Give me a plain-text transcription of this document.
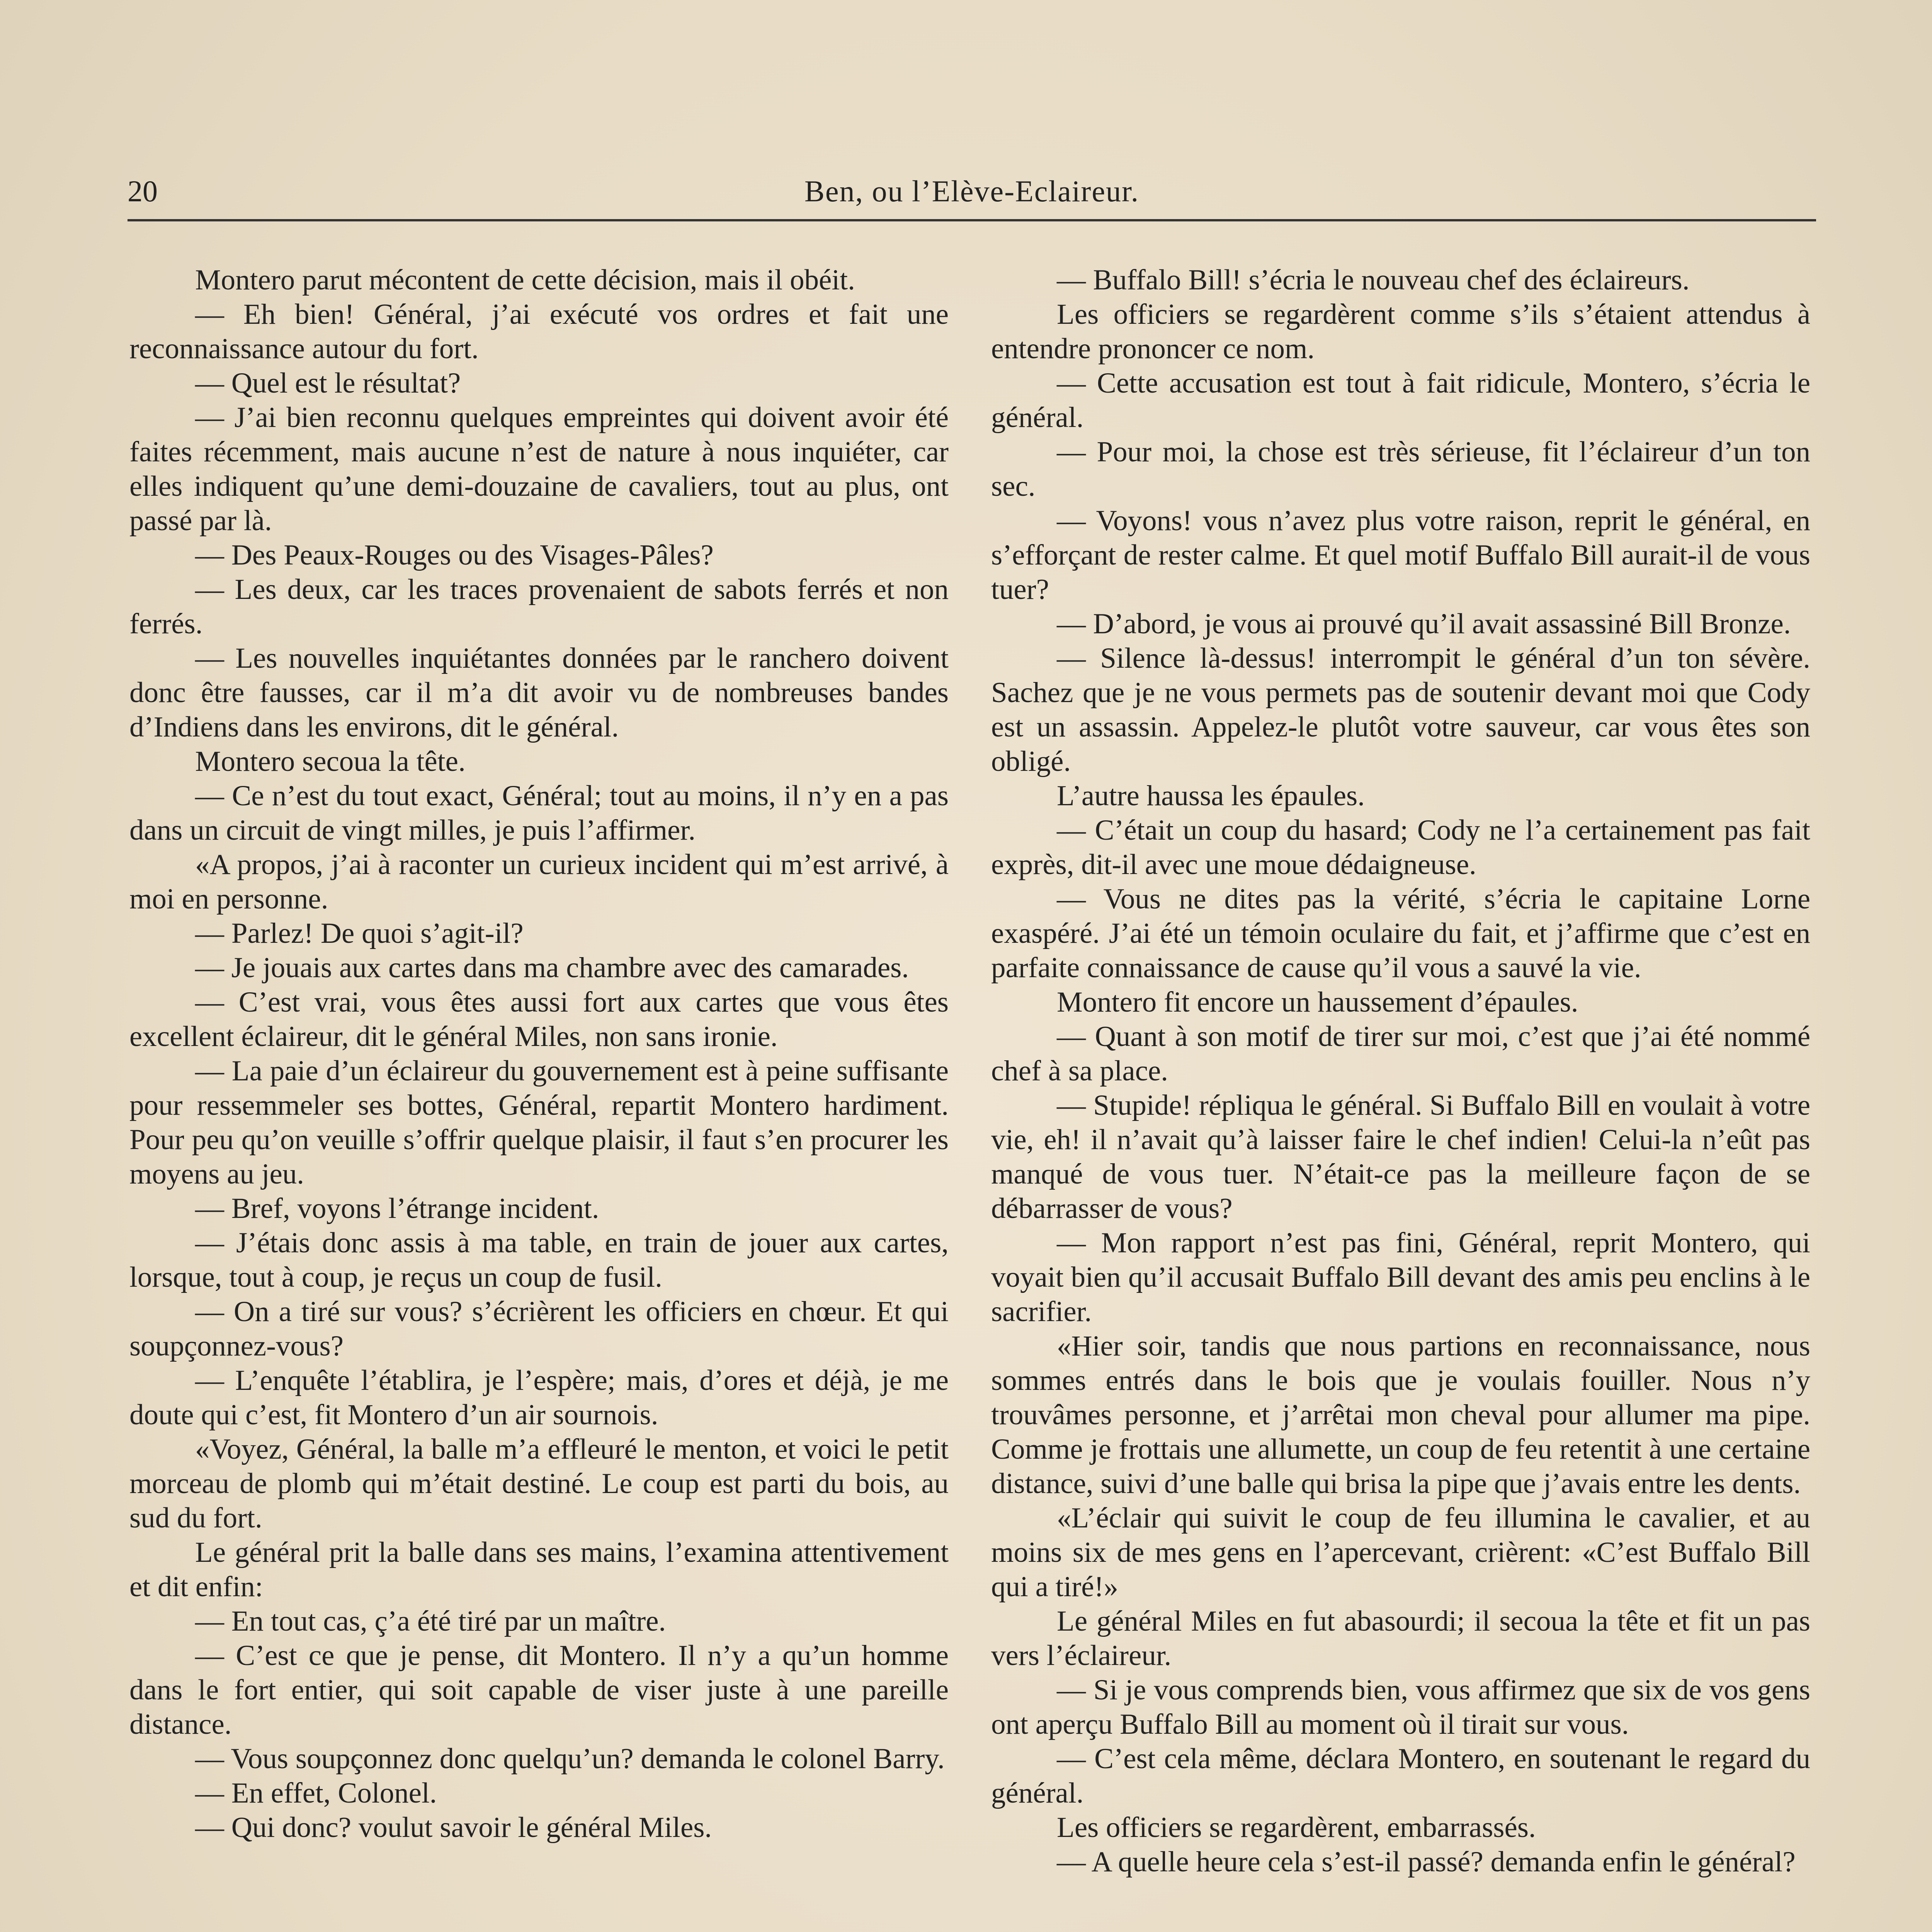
20	Ben, ou l’Elève-Eclaireur.

Montero parut mécontent de cette décision, mais il obéit.

— Eh bien! Général, j’ai exécuté vos ordres et fait une reconnaissance autour du fort.

— Quel est le résultat?

— J’ai bien reconnu quelques empreintes qui doivent avoir été faites récemment, mais aucune n’est de nature à nous inquiéter, car elles indiquent qu’une demi-douzaine de cavaliers, tout au plus, ont passé par là.

— Des Peaux-Rouges ou des Visages-Pâles?

— Les deux, car les traces provenaient de sabots ferrés et non ferrés.

— Les nouvelles inquiétantes données par le ranchero doivent donc être fausses, car il m’a dit avoir vu de nombreuses bandes d’Indiens dans les environs, dit le général.

Montero secoua la tête.

— Ce n’est du tout exact, Général; tout au moins, il n’y en a pas dans un circuit de vingt milles, je puis l’affirmer.

«A propos, j’ai à raconter un curieux incident qui m’est arrivé, à moi en personne.

— Parlez! De quoi s’agit-il?

— Je jouais aux cartes dans ma chambre avec des camarades.

— C’est vrai, vous êtes aussi fort aux cartes que vous êtes excellent éclaireur, dit le général Miles, non sans ironie.

— La paie d’un éclaireur du gouvernement est à peine suffisante pour ressemmeler ses bottes, Général, repartit Montero hardiment. Pour peu qu’on veuille s’offrir quelque plaisir, il faut s’en procurer les moyens au jeu.

— Bref, voyons l’étrange incident.

— J’étais donc assis à ma table, en train de jouer aux cartes, lorsque, tout à coup, je reçus un coup de fusil.

— On a tiré sur vous? s’écrièrent les officiers en chœur. Et qui soupçonnez-vous?

— L’enquête l’établira, je l’espère; mais, d’ores et déjà, je me doute qui c’est, fit Montero d’un air sournois.

«Voyez, Général, la balle m’a effleuré le menton, et voici le petit morceau de plomb qui m’était destiné. Le coup est parti du bois, au sud du fort.

Le général prit la balle dans ses mains, l’examina attentivement et dit enfin:

— En tout cas, ç’a été tiré par un maître.

— C’est ce que je pense, dit Montero. Il n’y a qu’un homme dans le fort entier, qui soit capable de viser juste à une pareille distance.

— Vous soupçonnez donc quelqu’un? demanda le colonel Barry.

— En effet, Colonel.

— Qui donc? voulut savoir le général Miles.

— Buffalo Bill! s’écria le nouveau chef des éclaireurs.

Les officiers se regardèrent comme s’ils s’étaient attendus à entendre prononcer ce nom.

— Cette accusation est tout à fait ridicule, Montero, s’écria le général.

— Pour moi, la chose est très sérieuse, fit l’éclaireur d’un ton sec.

— Voyons! vous n’avez plus votre raison, reprit le général, en s’efforçant de rester calme. Et quel motif Buffalo Bill aurait-il de vous tuer?

— D’abord, je vous ai prouvé qu’il avait assassiné Bill Bronze.

— Silence là-dessus! interrompit le général d’un ton sévère. Sachez que je ne vous permets pas de soutenir devant moi que Cody est un assassin. Appelez-le plutôt votre sauveur, car vous êtes son obligé.

L’autre haussa les épaules.

— C’était un coup du hasard; Cody ne l’a certainement pas fait exprès, dit-il avec une moue dédaigneuse.

— Vous ne dites pas la vérité, s’écria le capitaine Lorne exaspéré. J’ai été un témoin oculaire du fait, et j’affirme que c’est en parfaite connaissance de cause qu’il vous a sauvé la vie.

Montero fit encore un haussement d’épaules.

— Quant à son motif de tirer sur moi, c’est que j’ai été nommé chef à sa place.

— Stupide! répliqua le général. Si Buffalo Bill en voulait à votre vie, eh! il n’avait qu’à laisser faire le chef indien! Celui-la n’eût pas manqué de vous tuer. N’était-ce pas la meilleure façon de se débarrasser de vous?

— Mon rapport n’est pas fini, Général, reprit Montero, qui voyait bien qu’il accusait Buffalo Bill devant des amis peu enclins à le sacrifier.

«Hier soir, tandis que nous partions en reconnaissance, nous sommes entrés dans le bois que je voulais fouiller. Nous n’y trouvâmes personne, et j’arrêtai mon cheval pour allumer ma pipe. Comme je frottais une allumette, un coup de feu retentit à une certaine distance, suivi d’une balle qui brisa la pipe que j’avais entre les dents.

«L’éclair qui suivit le coup de feu illumina le cavalier, et au moins six de mes gens en l’apercevant, crièrent: «C’est Buffalo Bill qui a tiré!»

Le général Miles en fut abasourdi; il secoua la tête et fit un pas vers l’éclaireur.

— Si je vous comprends bien, vous affirmez que six de vos gens ont aperçu Buffalo Bill au moment où il tirait sur vous.

— C’est cela même, déclara Montero, en soutenant le regard du général.

Les officiers se regardèrent, embarrassés.

— A quelle heure cela s’est-il passé? demanda enfin le général?
